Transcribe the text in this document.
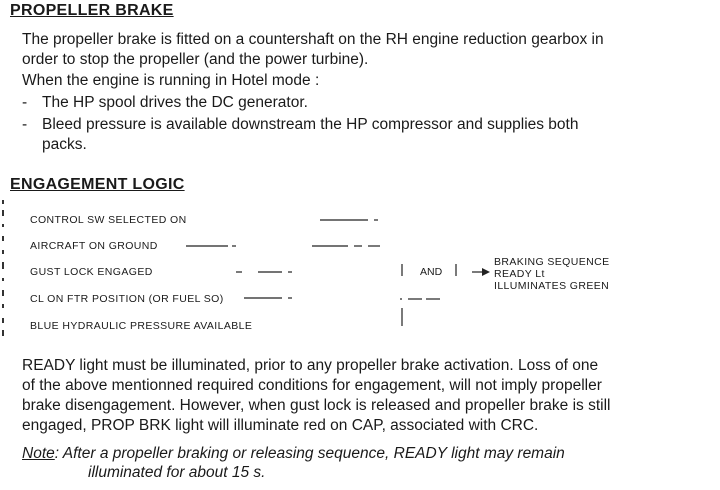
PROPELLER BRAKE
The propeller brake is fitted on a countershaft on the RH engine reduction gearbox in
order to stop the propeller (and the power turbine).
When the engine is running in Hotel mode :
- The HP spool drives the DC generator.
- Bleed pressure is available downstream the HP compressor and supplies both
packs.
ENGAGEMENT LOGIC
CONTROL SW SELECTED ON
AIRCRAFT ON GROUND
GUST LOCK ENGAGED
CL ON FTR POSITION (OR FUEL SO)
BLUE HYDRAULIC PRESSURE AVAILABLE
AND
BRAKING SEQUENCE
READY Lt
ILLUMINATES GREEN
READY light must be illuminated, prior to any propeller brake activation. Loss of one
of the above mentionned required conditions for engagement, will not imply propeller
brake disengagement. However, when gust lock is released and propeller brake is still
engaged, PROP BRK light will illuminate red on CAP, associated with CRC.
Note: After a propeller braking or releasing sequence, READY light may remain
illuminated for about 15 s.
